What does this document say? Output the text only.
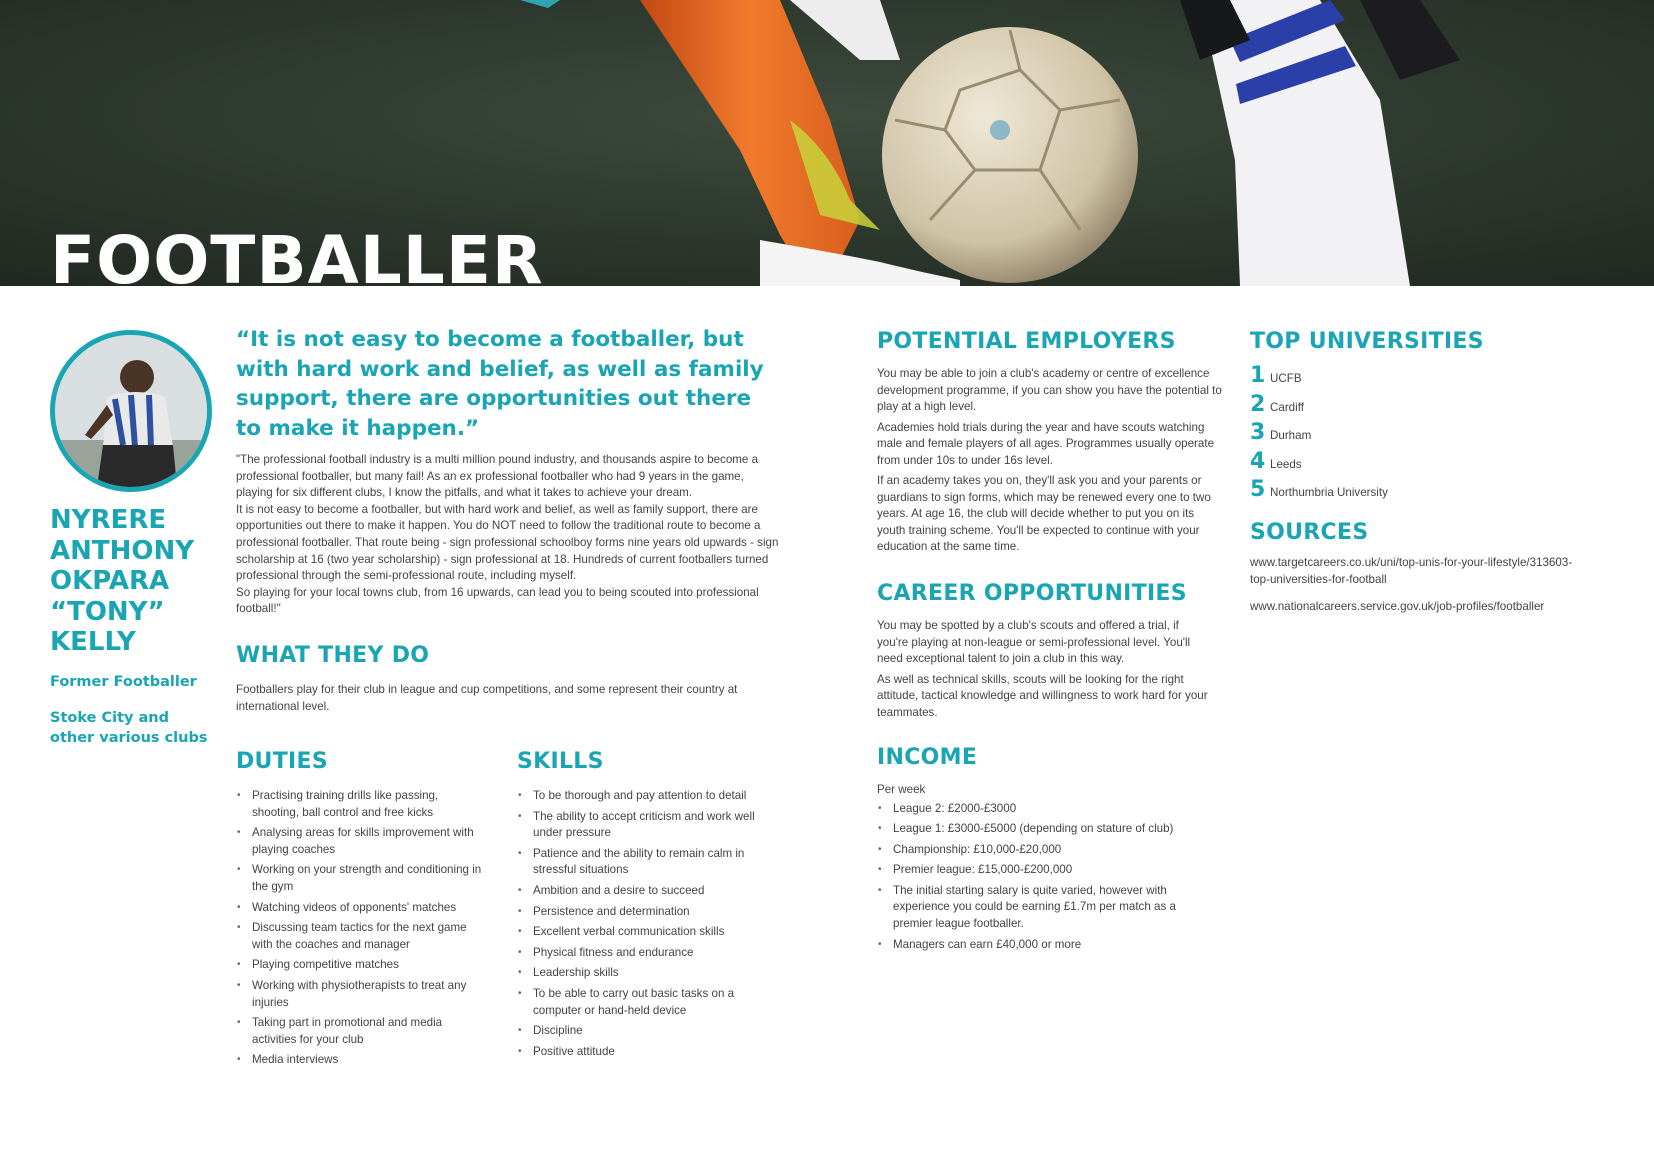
FOOTBALLER
NYRERE
ANTHONY
OKPARA
“TONY”
KELLY
Former Footballer
Stoke City and
other various clubs
“It is not easy to become a footballer, but
with hard work and belief, as well as family
support, there are opportunities out there
to make it happen.”

"The professional football industry is a multi million pound industry, and thousands aspire to become a professional footballer, but many fail! As an ex professional footballer who had 9 years in the game, playing for six different clubs, I know the pitfalls, and what it takes to achieve your dream.

It is not easy to become a footballer, but with hard work and belief, as well as family support, there are opportunities out there to make it happen. You do NOT need to follow the traditional route to become a professional footballer. That route being - sign professional schoolboy forms nine years old upwards - sign scholarship at 16 (two year scholarship) - sign professional at 18. Hundreds of current footballers turned professional through the semi-professional route, including myself.

So playing for your local towns club, from 16 upwards, can lead you to being scouted into professional football!"

WHAT THEY DO

Footballers play for their club in league and cup competitions, and some represent their country at international level.

DUTIES
• Practising training drills like passing, shooting, ball control and free kicks
• Analysing areas for skills improvement with playing coaches
• Working on your strength and conditioning in the gym
• Watching videos of opponents' matches
• Discussing team tactics for the next game with the coaches and manager
• Playing competitive matches
• Working with physiotherapists to treat any injuries
• Taking part in promotional and media activities for your club
• Media interviews
SKILLS
• To be thorough and pay attention to detail
• The ability to accept criticism and work well under pressure
• Patience and the ability to remain calm in stressful situations
• Ambition and a desire to succeed
• Persistence and determination
• Excellent verbal communication skills
• Physical fitness and endurance
• Leadership skills
• To be able to carry out basic tasks on a computer or hand-held device
• Discipline
• Positive attitude
POTENTIAL EMPLOYERS

You may be able to join a club's academy or centre of excellence development programme, if you can show you have the potential to play at a high level.

Academies hold trials during the year and have scouts watching male and female players of all ages. Programmes usually operate from under 10s to under 16s level.

If an academy takes you on, they'll ask you and your parents or guardians to sign forms, which may be renewed every one to two years. At age 16, the club will decide whether to put you on its youth training scheme. You'll be expected to continue with your education at the same time.

CAREER OPPORTUNITIES

You may be spotted by a club's scouts and offered a trial, if you're playing at non-league or semi-professional level. You'll need exceptional talent to join a club in this way.

As well as technical skills, scouts will be looking for the right attitude, tactical knowledge and willingness to work hard for your teammates.

INCOME

Per week

• League 2: £2000-£3000
• League 1: £3000-£5000 (depending on stature of club)
• Championship: £10,000-£20,000
• Premier league: £15,000-£200,000
• The initial starting salary is quite varied, however with experience you could be earning £1.7m per match as a premier league footballer.
• Managers can earn £40,000 or more
TOP UNIVERSITIES
1 UCFB
2 Cardiff
3 Durham
4 Leeds
5 Northumbria University
SOURCES

www.targetcareers.co.uk/uni/top-unis-for-your-lifestyle/313603-

top-universities-for-football

www.nationalcareers.service.gov.uk/job-profiles/footballer
